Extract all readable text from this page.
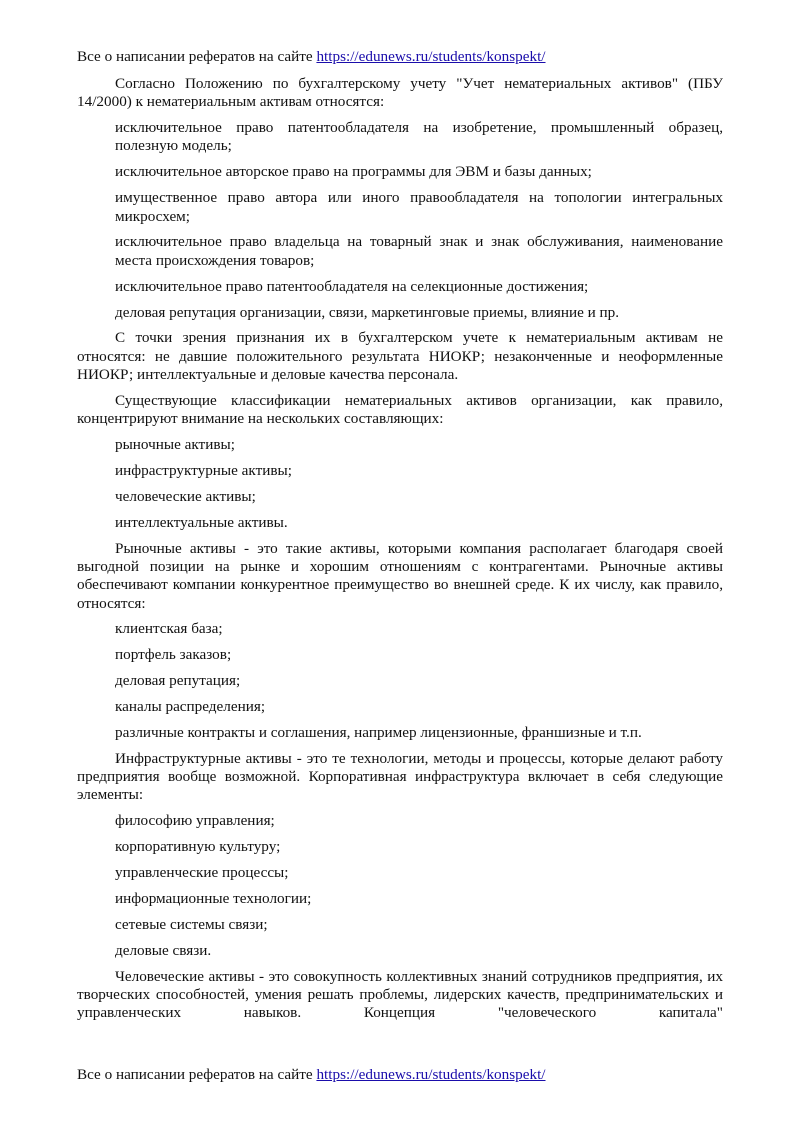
Все о написании рефератов на сайте https://edunews.ru/students/konspekt/

Согласно Положению по бухгалтерскому учету "Учет нематериальных активов" (ПБУ 14/2000) к нематериальным активам относятся:

исключительное право патентообладателя на изобретение, промышленный образец, полезную модель;

исключительное авторское право на программы для ЭВМ и базы данных;

имущественное право автора или иного правообладателя на топологии интегральных микросхем;

исключительное право владельца на товарный знак и знак обслуживания, наименование места происхождения товаров;

исключительное право патентообладателя на селекционные достижения;

деловая репутация организации, связи, маркетинговые приемы, влияние и пр.

С точки зрения признания их в бухгалтерском учете к нематериальным активам не относятся: не давшие положительного результата НИОКР; незаконченные и неоформленные НИОКР; интеллектуальные и деловые качества персонала.

Существующие классификации нематериальных активов организации, как правило, концентрируют внимание на нескольких составляющих:

рыночные активы;

инфраструктурные активы;

человеческие активы;

интеллектуальные активы.

Рыночные активы - это такие активы, которыми компания располагает благодаря своей выгодной позиции на рынке и хорошим отношениям с контрагентами. Рыночные активы обеспечивают компании конкурентное преимущество во внешней среде. К их числу, как правило, относятся:

клиентская база;

портфель заказов;

деловая репутация;

каналы распределения;

различные контракты и соглашения, например лицензионные, франшизные и т.п.

Инфраструктурные активы - это те технологии, методы и процессы, которые делают работу предприятия вообще возможной. Корпоративная инфраструктура включает в себя следующие элементы:

философию управления;

корпоративную культуру;

управленческие процессы;

информационные технологии;

сетевые системы связи;

деловые связи.

Человеческие активы - это совокупность коллективных знаний сотрудников предприятия, их творческих способностей, умения решать проблемы, лидерских качеств, предпринимательских и управленческих навыков. Концепция "человеческого капитала"

Все о написании рефератов на сайте https://edunews.ru/students/konspekt/
